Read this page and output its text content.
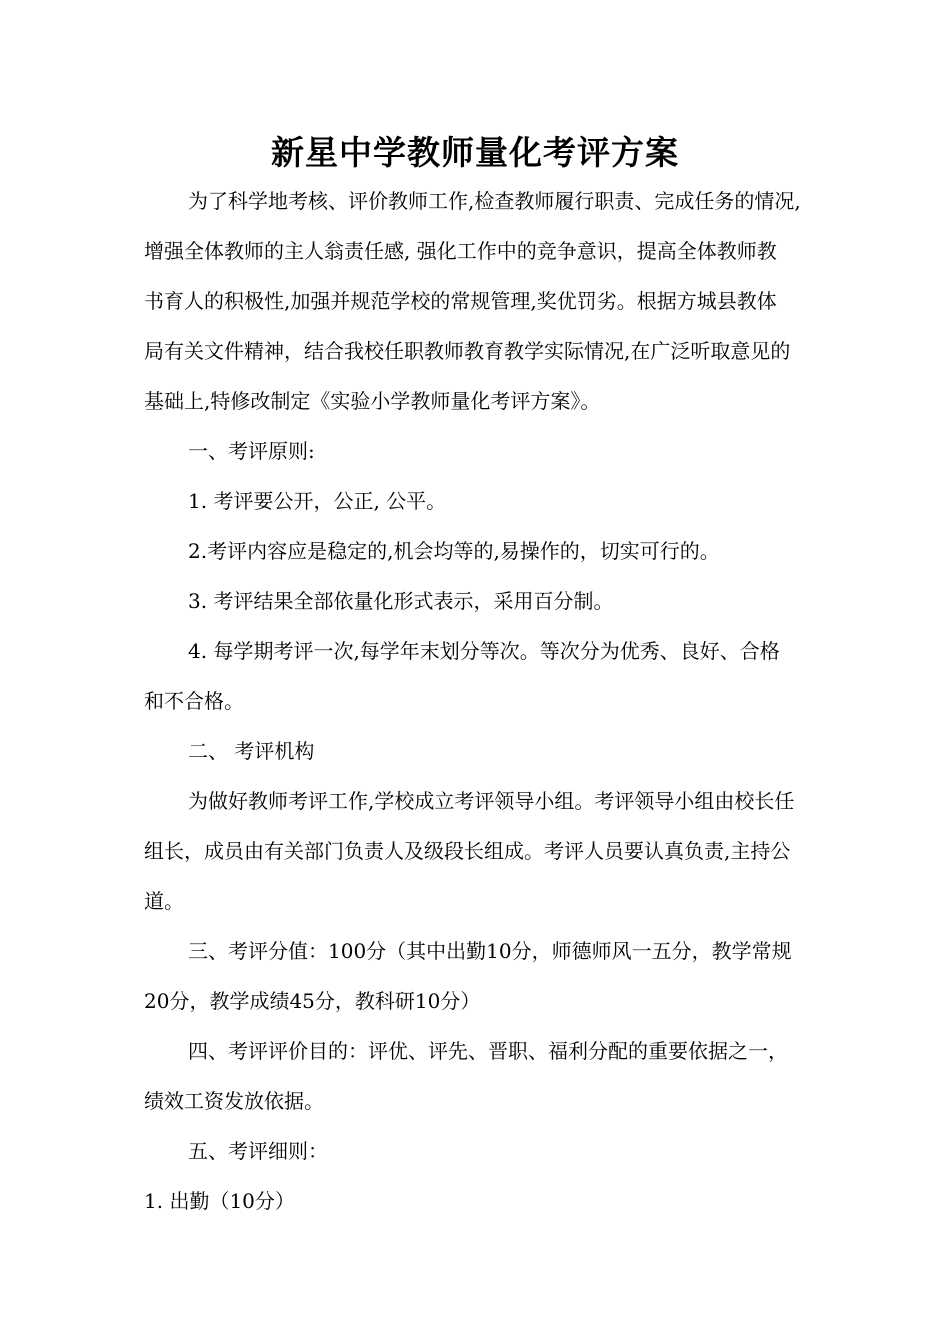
新星中学教师量化考评方案
为了科学地考核、评价教师工作,检查教师履行职责、完成任务的情况,
增强全体教师的主人翁责任感, 强化工作中的竞争意识，提高全体教师教
书育人的积极性,加强并规范学校的常规管理,奖优罚劣。根据方城县教体
局有关文件精神，结合我校任职教师教育教学实际情况,在广泛听取意见的
基础上,特修改制定《实验小学教师量化考评方案》。
一、考评原则:
1. 考评要公开，公正, 公平。
2.考评内容应是稳定的,机会均等的,易操作的，切实可行的。
3. 考评结果全部依量化形式表示，采用百分制。
4. 每学期考评一次,每学年末划分等次。等次分为优秀、良好、合格
和不合格。
二、 考评机构
为做好教师考评工作,学校成立考评领导小组。考评领导小组由校长任
组长，成员由有关部门负责人及级段长组成。考评人员要认真负责,主持公
道。
三、考评分值：100分（其中出勤10分，师德师风一五分，教学常规
20分，教学成绩45分，教科研10分）
四、考评评价目的：评优、评先、晋职、福利分配的重要依据之一，
绩效工资发放依据。
五、考评细则：
1. 出勤（10分）
